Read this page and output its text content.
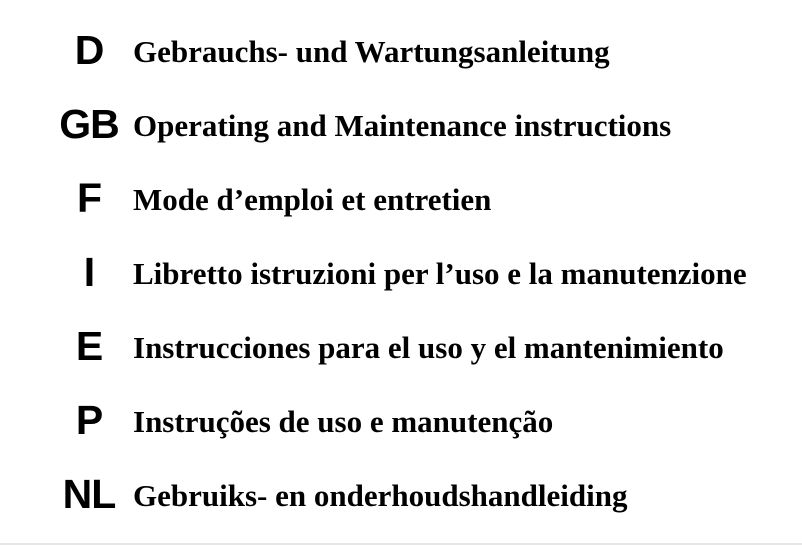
D Gebrauchs- und Wartungsanleitung
GB Operating and Maintenance instructions
F	Mode d’emploi et entretien
I	Libretto istruzioni per l’uso e la manutenzione
E Instrucciones para el uso y el mantenimiento
P Instruções de uso e manutenção
NL Gebruiks- en onderhoudshandleiding
